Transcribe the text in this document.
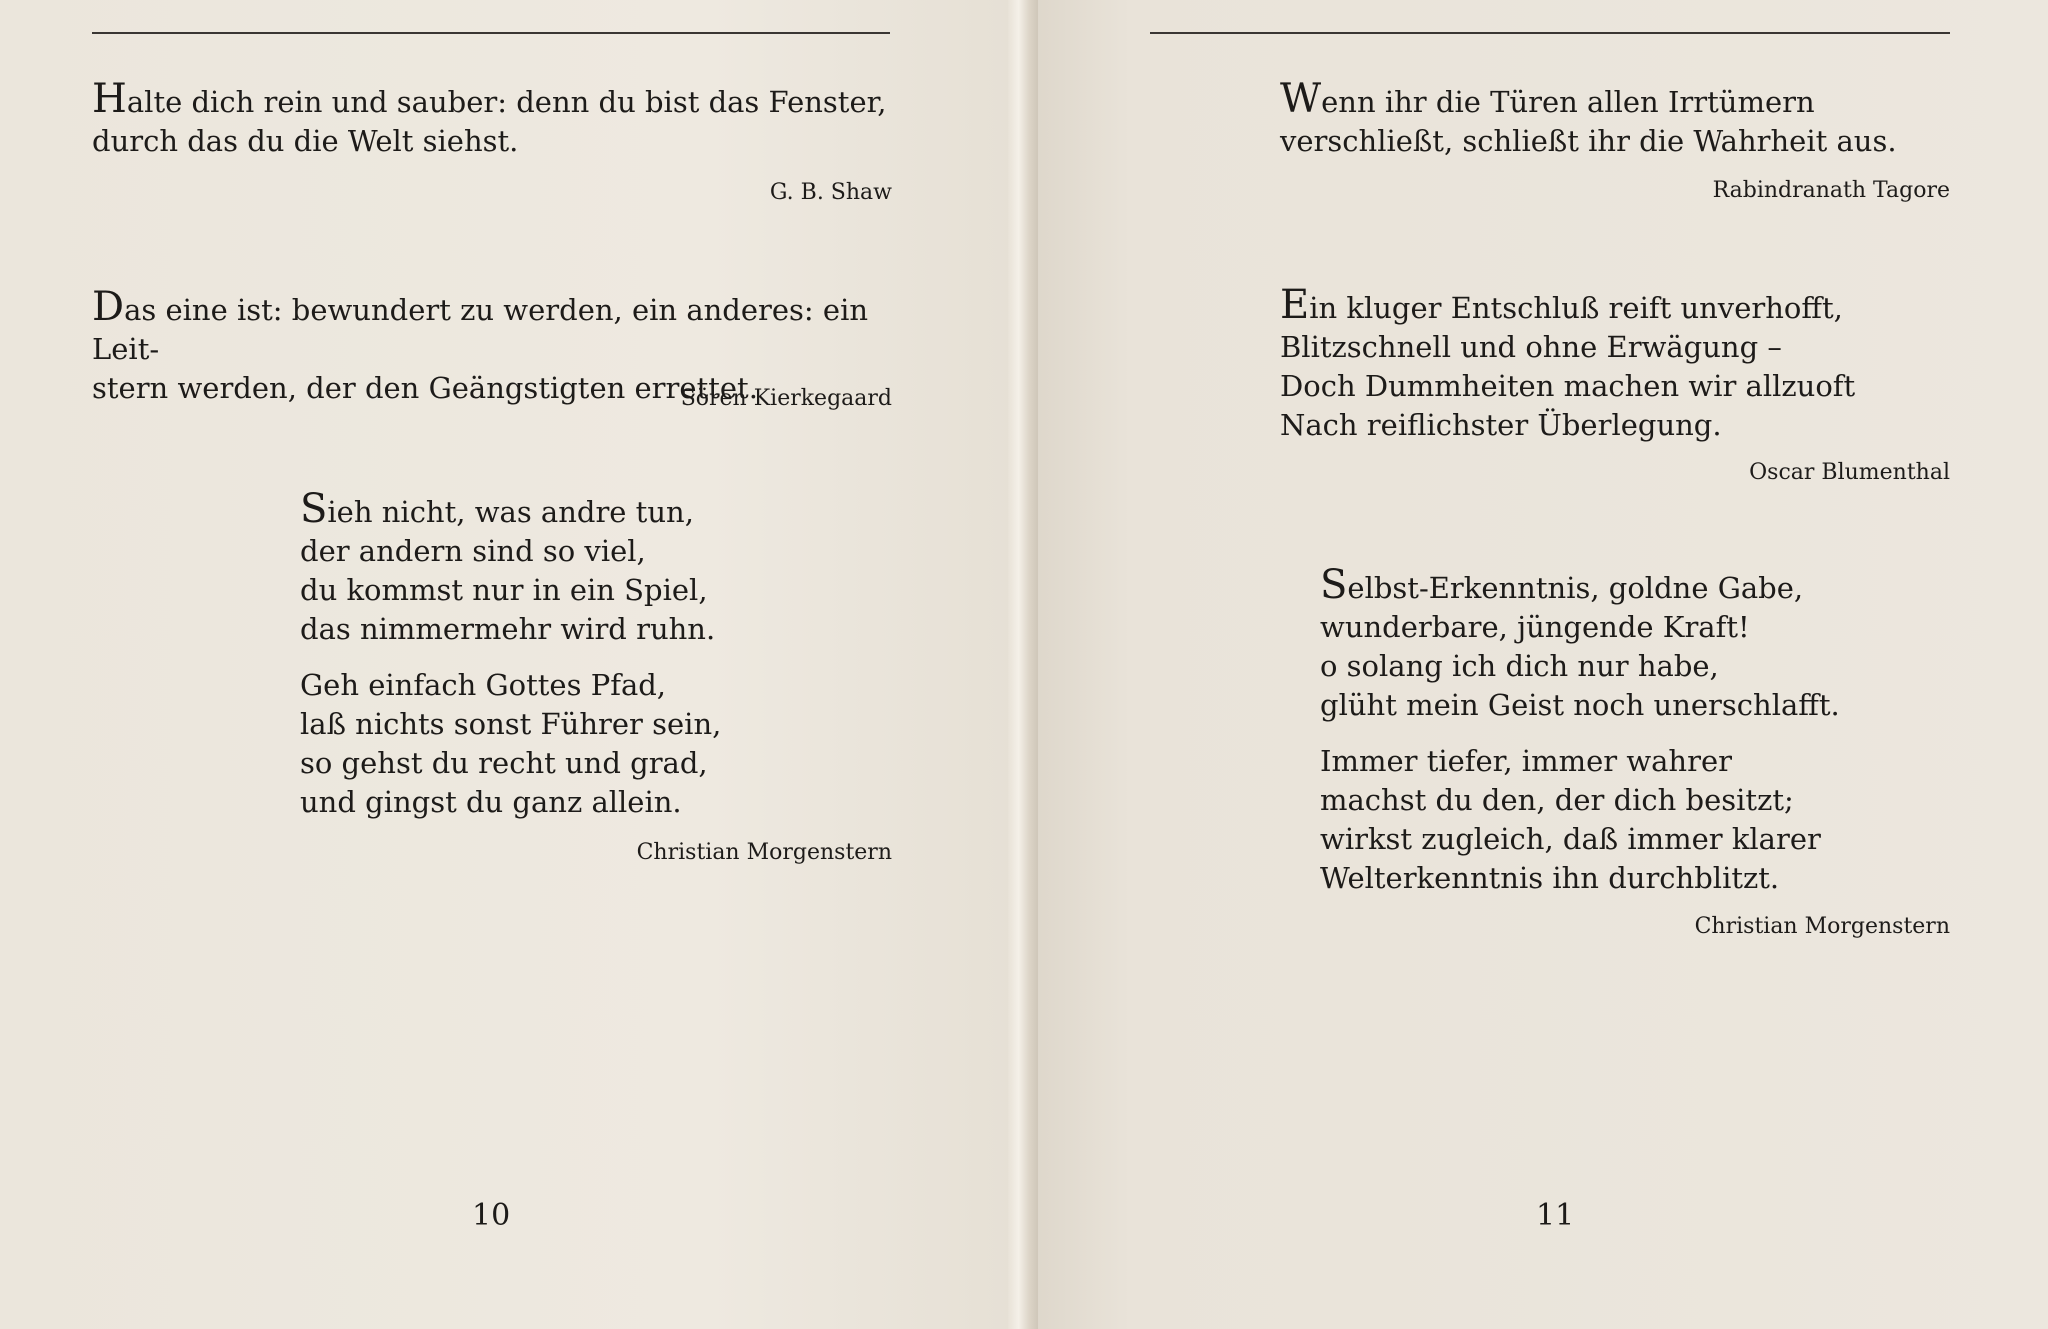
Halte dich rein und sauber: denn du bist das Fenster,

durch das du die Welt siehst.

G. B. Shaw

Das eine ist: bewundert zu werden, ein anderes: ein Leit-

stern werden, der den Geängstigten errettet.

Sören Kierkegaard
Sieh nicht, was andre tun,
der andern sind so viel,
du kommst nur in ein Spiel,
das nimmermehr wird ruhn.
Geh einfach Gottes Pfad,
laß nichts sonst Führer sein,
so gehst du recht und grad,
und gingst du ganz allein.
Christian Morgenstern
10

Wenn ihr die Türen allen Irrtümern

verschließt, schließt ihr die Wahrheit aus.

Rabindranath Tagore
Ein kluger Entschluß reift unverhofft,
Blitzschnell und ohne Erwägung –
Doch Dummheiten machen wir allzuoft
Nach reiflichster Überlegung.
Oscar Blumenthal
Selbst-Erkenntnis, goldne Gabe,
wunderbare, jüngende Kraft!
o solang ich dich nur habe,
glüht mein Geist noch unerschlafft.
Immer tiefer, immer wahrer
machst du den, der dich besitzt;
wirkst zugleich, daß immer klarer
Welterkenntnis ihn durchblitzt.
Christian Morgenstern
11
